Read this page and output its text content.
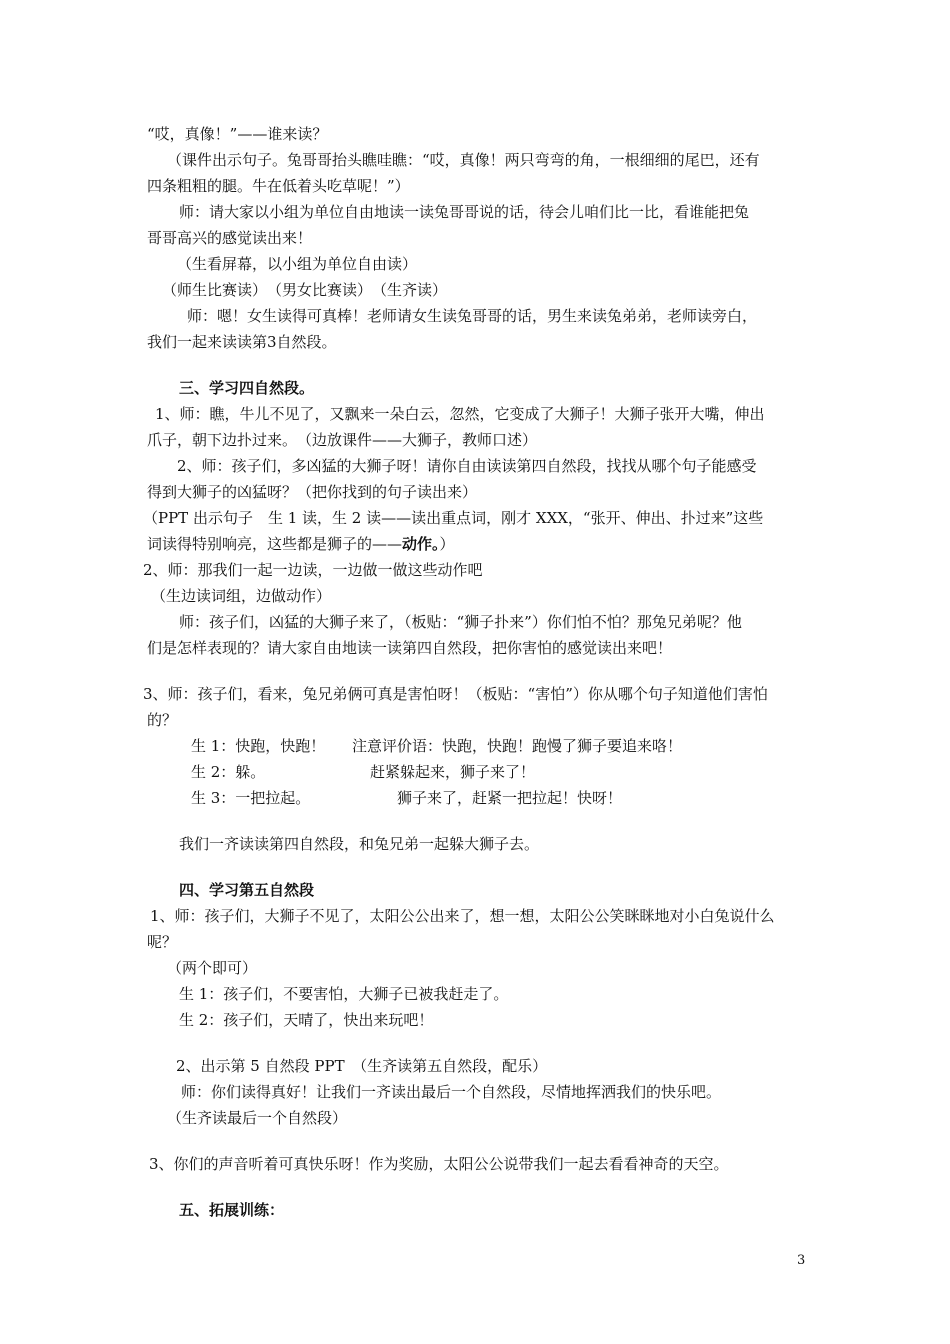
“哎，真像！”——谁来读？
（课件出示句子。兔哥哥抬头瞧哇瞧：“哎，真像！两只弯弯的角，一根细细的尾巴，还有
四条粗粗的腿。牛在低着头吃草呢！”）
师：请大家以小组为单位自由地读一读兔哥哥说的话，待会儿咱们比一比，看谁能把兔
哥哥高兴的感觉读出来！
（生看屏幕，以小组为单位自由读）
（师生比赛读）　（男女比赛读）　（生齐读）
师：嗯！女生读得可真棒！老师请女生读兔哥哥的话，男生来读兔弟弟，老师读旁白，
我们一起来读读第3自然段。
三、学习四自然段。
1、师：瞧，牛儿不见了，又飘来一朵白云，忽然，它变成了大狮子！大狮子张开大嘴，伸出
爪子，朝下边扑过来。　（边放课件——大狮子，教师口述）
2、师：孩子们，多凶猛的大狮子呀！请你自由读读第四自然段，找找从哪个句子能感受
得到大狮子的凶猛呀？（把你找到的句子读出来）
（PPT 出示句子　生 1 读，生 2 读——读出重点词，刚才 XXX，“张开、伸出、扑过来”这些
词读得特别响亮，这些都是狮子的——动作。）
2、师：那我们一起一边读，一边做一做这些动作吧
（生边读词组，边做动作）
师：孩子们，凶猛的大狮子来了，（板贴：“狮子扑来”）你们怕不怕？那兔兄弟呢？他
们是怎样表现的？请大家自由地读一读第四自然段，把你害怕的感觉读出来吧！
3、师：孩子们，看来，兔兄弟俩可真是害怕呀！（板贴：“害怕”）你从哪个句子知道他们害怕
的？
生 1：快跑，快跑！ 注意评价语：快跑，快跑！跑慢了狮子要追来咯！
生 2：躲。	赶紧躲起来，狮子来了！
生 3：一把拉起。	狮子来了，赶紧一把拉起！快呀！
我们一齐读读第四自然段，和兔兄弟一起躲大狮子去。
四、学习第五自然段
1、师：孩子们，大狮子不见了，太阳公公出来了，想一想，太阳公公笑眯眯地对小白兔说什么
呢？
（两个即可）
生 1：孩子们，不要害怕，大狮子已被我赶走了。
生 2：孩子们，天晴了，快出来玩吧！
2、出示第 5 自然段 PPT　（生齐读第五自然段，配乐）
师：你们读得真好！让我们一齐读出最后一个自然段，尽情地挥洒我们的快乐吧。
（生齐读最后一个自然段）
3、你们的声音听着可真快乐呀！作为奖励，太阳公公说带我们一起去看看神奇的天空。
五、拓展训练：
3
